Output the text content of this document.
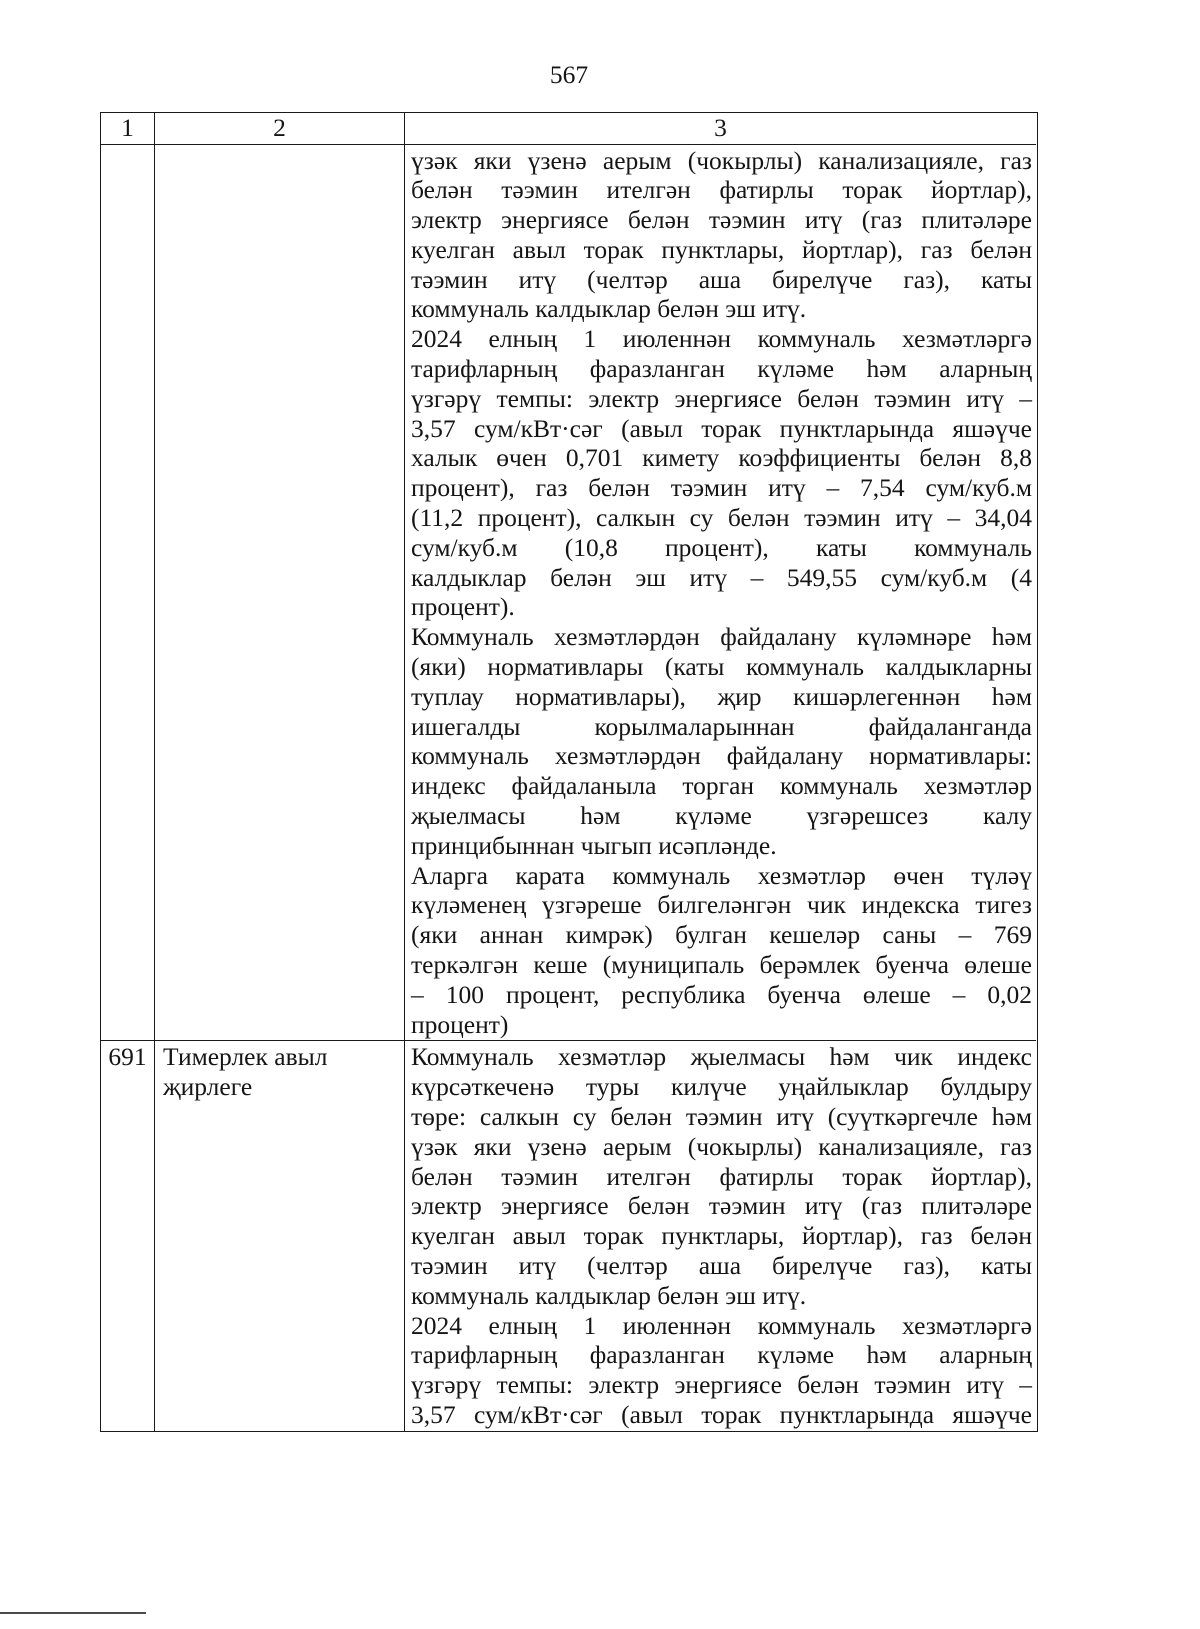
567
1	2	3
үзәк яки үзенә аерым (чокырлы) канализацияле, газ
белән тәэмин ителгән фатирлы торак йортлар),
электр энергиясе белән тәэмин итү (газ плитәләре
куелган авыл торак пунктлары, йортлар), газ белән
тәэмин итү (челтәр аша бирелүче газ), каты
коммуналь калдыклар белән эш итү.
2024 елның 1 июленнән коммуналь хезмәтләргә
тарифларның фаразланган күләме һәм аларның
үзгәрү темпы: электр энергиясе белән тәэмин итү –
3,57 сум/кВт·сәг (авыл торак пунктларында яшәүче
халык өчен 0,701 кимету коэффициенты белән 8,8
процент), газ белән тәэмин итү – 7,54 сум/куб.м
(11,2 процент), салкын су белән тәэмин итү – 34,04
сум/куб.м (10,8 процент), каты коммуналь
калдыклар белән эш итү – 549,55 сум/куб.м (4
процент).
Коммуналь хезмәтләрдән файдалану күләмнәре һәм
(яки) нормативлары (каты коммуналь калдыкларны
туплау нормативлары), җир кишәрлегеннән һәм
ишегалды корылмаларыннан файдаланганда
коммуналь хезмәтләрдән файдалану нормативлары:
индекс файдаланыла торган коммуналь хезмәтләр
җыелмасы һәм күләме үзгәрешсез калу
принцибыннан чыгып исәпләнде.
Аларга карата коммуналь хезмәтләр өчен түләү
күләменең үзгәреше билгеләнгән чик индекска тигез
(яки аннан кимрәк) булган кешеләр саны – 769
теркәлгән кеше (муниципаль берәмлек буенча өлеше
– 100 процент, республика буенча өлеше – 0,02
процент)
691 Тимерлек авыл
җирлеге
Коммуналь хезмәтләр җыелмасы һәм чик индекс
күрсәткеченә туры килүче уңайлыклар булдыру
төре: салкын су белән тәэмин итү (суүткәргечле һәм
үзәк яки үзенә аерым (чокырлы) канализацияле, газ
белән тәэмин ителгән фатирлы торак йортлар),
электр энергиясе белән тәэмин итү (газ плитәләре
куелган авыл торак пунктлары, йортлар), газ белән
тәэмин итү (челтәр аша бирелүче газ), каты
коммуналь калдыклар белән эш итү.
2024 елның 1 июленнән коммуналь хезмәтләргә
тарифларның фаразланган күләме һәм аларның
үзгәрү темпы: электр энергиясе белән тәэмин итү –
3,57 сум/кВт·сәг (авыл торак пунктларында яшәүче
